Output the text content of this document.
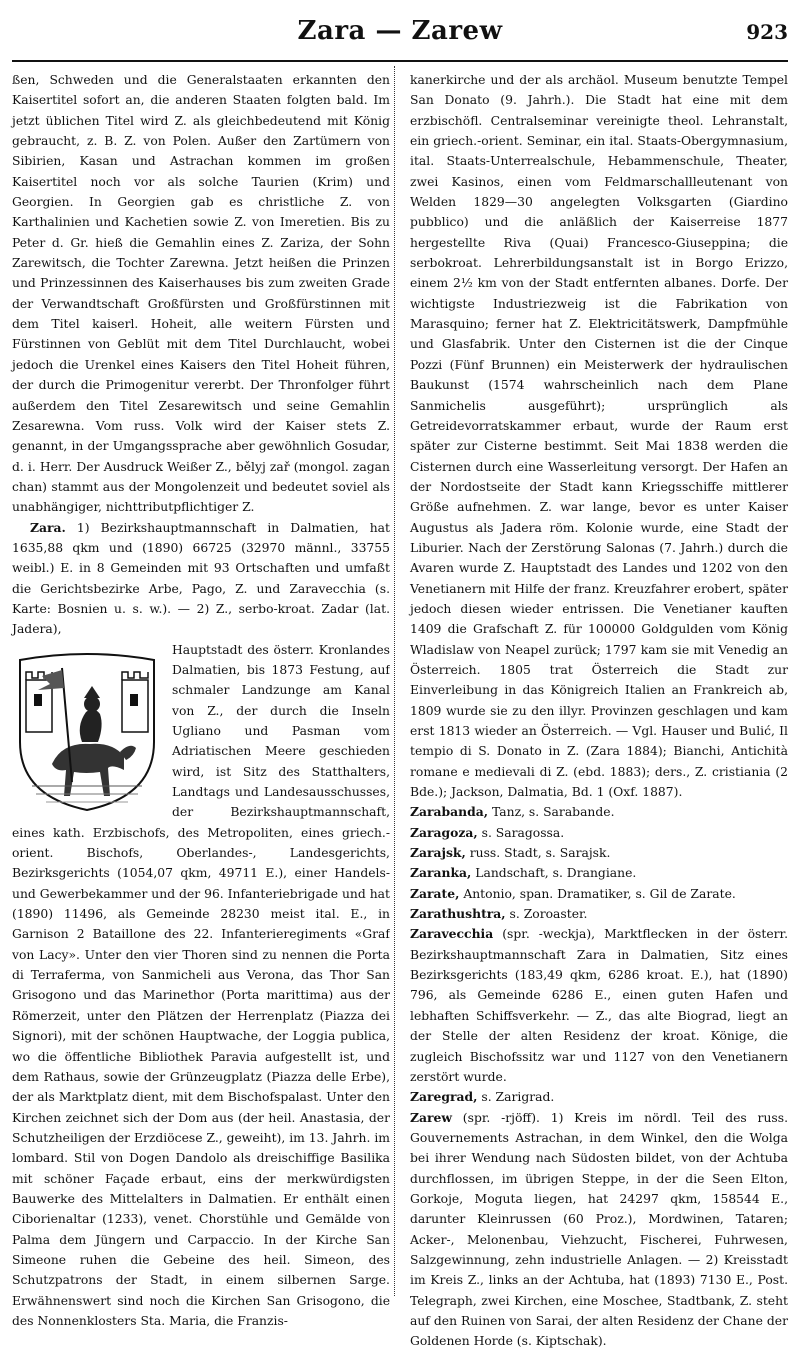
Zara — Zarew	923

ßen, Schweden und die Generalstaaten erkannten den Kaisertitel sofort an, die anderen Staaten folgten bald. Im jetzt üblichen Titel wird Z. als gleichbedeutend mit König gebraucht, z. B. Z. von Polen. Außer den Zartümern von Sibirien, Kasan und Astrachan kommen im großen Kaisertitel noch vor als solche Taurien (Krim) und Georgien. In Georgien gab es christliche Z. von Karthalinien und Kachetien sowie Z. von Imeretien. Bis zu Peter d. Gr. hieß die Gemahlin eines Z. Zariza, der Sohn Zarewitsch, die Tochter Zarewna. Jetzt heißen die Prinzen und Prinzessinnen des Kaiserhauses bis zum zweiten Grade der Verwandtschaft Großfürsten und Großfürstinnen mit dem Titel kaiserl. Hoheit, alle weitern Fürsten und Fürstinnen von Geblüt mit dem Titel Durchlaucht, wobei jedoch die Urenkel eines Kaisers den Titel Hoheit führen, der durch die Primogenitur vererbt. Der Thronfolger führt außerdem den Titel Zesarewitsch und seine Gemahlin Zesarewna. Vom russ. Volk wird der Kaiser stets Z. genannt, in der Umgangssprache aber gewöhnlich Gosudar, d. i. Herr. Der Ausdruck Weißer Z., bělyj zař (mongol. zagan chan) stammt aus der Mongolenzeit und bedeutet soviel als unabhängiger, nichttributpflichtiger Z.

Zara. 1) Bezirkshauptmannschaft in Dalmatien, hat 1635,88 qkm und (1890) 66725 (32970 männl., 33755 weibl.) E. in 8 Gemeinden mit 93 Ortschaften und umfaßt die Gerichtsbezirke Arbe, Pago, Z. und Zaravecchia (s. Karte: Bosnien u. s. w.). — 2) Z., serbo-kroat. Zadar (lat. Jadera),

Hauptstadt des österr. Kronlandes Dalmatien, bis 1873 Festung, auf schmaler Landzunge am Kanal von Z., der durch die Inseln Ugliano und Pasman vom Adriatischen Meere geschieden wird, ist Sitz des Statthalters, Landtags und Landesausschusses, der Bezirkshauptmannschaft, eines kath. Erzbischofs, des Metropoliten, eines griech.-orient. Bischofs, Oberlandes-, Landesgerichts, Bezirksgerichts (1054,07 qkm, 49711 E.), einer Handels- und Gewerbekammer und der 96. Infanteriebrigade und hat (1890) 11496, als Gemeinde 28230 meist ital. E., in Garnison 2 Bataillone des 22. Infanterieregiments «Graf von Lacy». Unter den vier Thoren sind zu nennen die Porta di Terraferma, von Sanmicheli aus Verona, das Thor San Grisogono und das Marinethor (Porta marittima) aus der Römerzeit, unter den Plätzen der Herrenplatz (Piazza dei Signori), mit der schönen Hauptwache, der Loggia publica, wo die öffentliche Bibliothek Paravia aufgestellt ist, und dem Rathaus, sowie der Grünzeugplatz (Piazza delle Erbe), der als Marktplatz dient, mit dem Bischofspalast. Unter den Kirchen zeichnet sich der Dom aus (der heil. Anastasia, der Schutzheiligen der Erzdiöcese Z., geweiht), im 13. Jahrh. im lombard. Stil von Dogen Dandolo als dreischiffige Basilika mit schöner Façade erbaut, eins der merkwürdigsten Bauwerke des Mittelalters in Dalmatien. Er enthält einen Ciborienaltar (1233), venet. Chorstühle und Gemälde von Palma dem Jüngern und Carpaccio. In der Kirche San Simeone ruhen die Gebeine des heil. Simeon, des Schutzpatrons der Stadt, in einem silbernen Sarge. Erwähnenswert sind noch die Kirchen San Grisogono, die des Nonnenklosters Sta. Maria, die Franzis-

kanerkirche und der als archäol. Museum benutzte Tempel San Donato (9. Jahrh.). Die Stadt hat eine mit dem erzbischöfl. Centralseminar vereinigte theol. Lehranstalt, ein griech.-orient. Seminar, ein ital. Staats-Obergymnasium, ital. Staats-Unterrealschule, Hebammenschule, Theater, zwei Kasinos, einen vom Feldmarschallleutenant von Welden 1829—30 angelegten Volksgarten (Giardino pubblico) und die anläßlich der Kaiserreise 1877 hergestellte Riva (Quai) Francesco-Giuseppina; die serbokroat. Lehrerbildungsanstalt ist in Borgo Erizzo, einem 2½ km von der Stadt entfernten albanes. Dorfe. Der wichtigste Industriezweig ist die Fabrikation von Marasquino; ferner hat Z. Elektricitätswerk, Dampfmühle und Glasfabrik. Unter den Cisternen ist die der Cinque Pozzi (Fünf Brunnen) ein Meisterwerk der hydraulischen Baukunst (1574 wahrscheinlich nach dem Plane Sanmichelis ausgeführt); ursprünglich als Getreidevorratskammer erbaut, wurde der Raum erst später zur Cisterne bestimmt. Seit Mai 1838 werden die Cisternen durch eine Wasserleitung versorgt. Der Hafen an der Nordostseite der Stadt kann Kriegsschiffe mittlerer Größe aufnehmen. Z. war lange, bevor es unter Kaiser Augustus als Jadera röm. Kolonie wurde, eine Stadt der Liburier. Nach der Zerstörung Salonas (7. Jahrh.) durch die Avaren wurde Z. Hauptstadt des Landes und 1202 von den Venetianern mit Hilfe der franz. Kreuzfahrer erobert, später jedoch diesen wieder entrissen. Die Venetianer kauften 1409 die Grafschaft Z. für 100000 Goldgulden vom König Wladislaw von Neapel zurück; 1797 kam sie mit Venedig an Österreich. 1805 trat Österreich die Stadt zur Einverleibung in das Königreich Italien an Frankreich ab, 1809 wurde sie zu den illyr. Provinzen geschlagen und kam erst 1813 wieder an Österreich. — Vgl. Hauser und Bulić, Il tempio di S. Donato in Z. (Zara 1884); Bianchi, Antichità romane e medievali di Z. (ebd. 1883); ders., Z. cristiania (2 Bde.); Jackson, Dalmatia, Bd. 1 (Oxf. 1887).

Zarabanda, Tanz, s. Sarabande.

Zaragoza, s. Saragossa.

Zarajsk, russ. Stadt, s. Sarajsk.

Zaranka, Landschaft, s. Drangiane.

Zarate, Antonio, span. Dramatiker, s. Gil de Zarate.

Zarathushtra, s. Zoroaster.

Zaravecchia (spr. -weckja), Marktflecken in der österr. Bezirkshauptmannschaft Zara in Dalmatien, Sitz eines Bezirksgerichts (183,49 qkm, 6286 kroat. E.), hat (1890) 796, als Gemeinde 6286 E., einen guten Hafen und lebhaften Schiffsverkehr. — Z., das alte Biograd, liegt an der Stelle der alten Residenz der kroat. Könige, die zugleich Bischofssitz war und 1127 von den Venetianern zerstört wurde.

Zaregrad, s. Zarigrad.

Zarew (spr. -rjöff). 1) Kreis im nördl. Teil des russ. Gouvernements Astrachan, in dem Winkel, den die Wolga bei ihrer Wendung nach Südosten bildet, von der Achtuba durchflossen, im übrigen Steppe, in der die Seen Elton, Gorkoje, Moguta liegen, hat 24297 qkm, 158544 E., darunter Kleinrussen (60 Proz.), Mordwinen, Tataren; Acker-, Melonenbau, Viehzucht, Fischerei, Fuhrwesen, Salzgewinnung, zehn industrielle Anlagen. — 2) Kreisstadt im Kreis Z., links an der Achtuba, hat (1893) 7130 E., Post. Telegraph, zwei Kirchen, eine Moschee, Stadtbank, Z. steht auf den Ruinen von Sarai, der alten Residenz der Chane der Goldenen Horde (s. Kiptschak).
